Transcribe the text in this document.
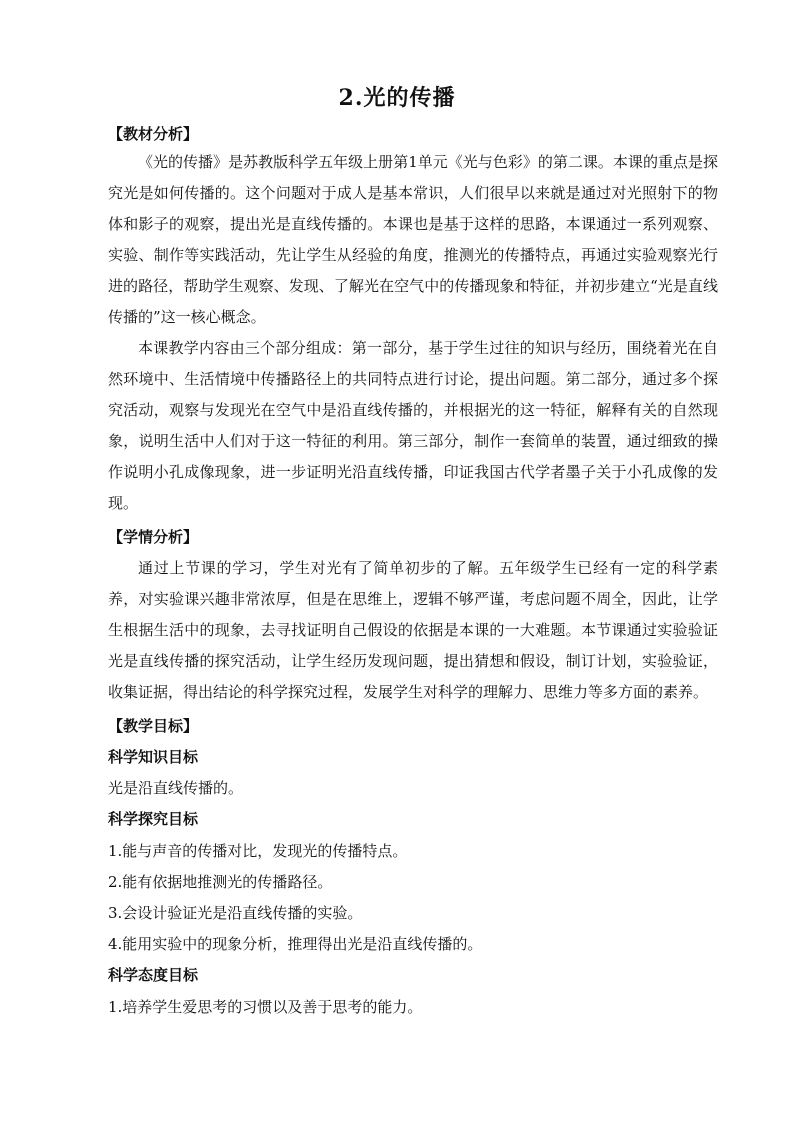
2.光的传播
【教材分析】

《光的传播》是苏教版科学五年级上册第1单元《光与色彩》的第二课。本课的重点是探究光是如何传播的。这个问题对于成人是基本常识，人们很早以来就是通过对光照射下的物体和影子的观察，提出光是直线传播的。本课也是基于这样的思路，本课通过一系列观察、实验、制作等实践活动，先让学生从经验的角度，推测光的传播特点，再通过实验观察光行进的路径，帮助学生观察、发现、了解光在空气中的传播现象和特征，并初步建立“光是直线传播的”这一核心概念。

本课教学内容由三个部分组成：第一部分，基于学生过往的知识与经历，围绕着光在自然环境中、生活情境中传播路径上的共同特点进行讨论，提出问题。第二部分，通过多个探究活动，观察与发现光在空气中是沿直线传播的，并根据光的这一特征，解释有关的自然现象，说明生活中人们对于这一特征的利用。第三部分，制作一套简单的装置，通过细致的操作说明小孔成像现象，进一步证明光沿直线传播，印证我国古代学者墨子关于小孔成像的发现。

【学情分析】

通过上节课的学习，学生对光有了简单初步的了解。五年级学生已经有一定的科学素养，对实验课兴趣非常浓厚，但是在思维上，逻辑不够严谨，考虑问题不周全，因此，让学生根据生活中的现象，去寻找证明自己假设的依据是本课的一大难题。本节课通过实验验证光是直线传播的探究活动，让学生经历发现问题，提出猜想和假设，制订计划，实验验证，收集证据，得出结论的科学探究过程，发展学生对科学的理解力、思维力等多方面的素养。

【教学目标】
科学知识目标
光是沿直线传播的。
科学探究目标
1.能与声音的传播对比，发现光的传播特点。
2.能有依据地推测光的传播路径。
3.会设计验证光是沿直线传播的实验。
4.能用实验中的现象分析，推理得出光是沿直线传播的。
科学态度目标
1.培养学生爱思考的习惯以及善于思考的能力。
